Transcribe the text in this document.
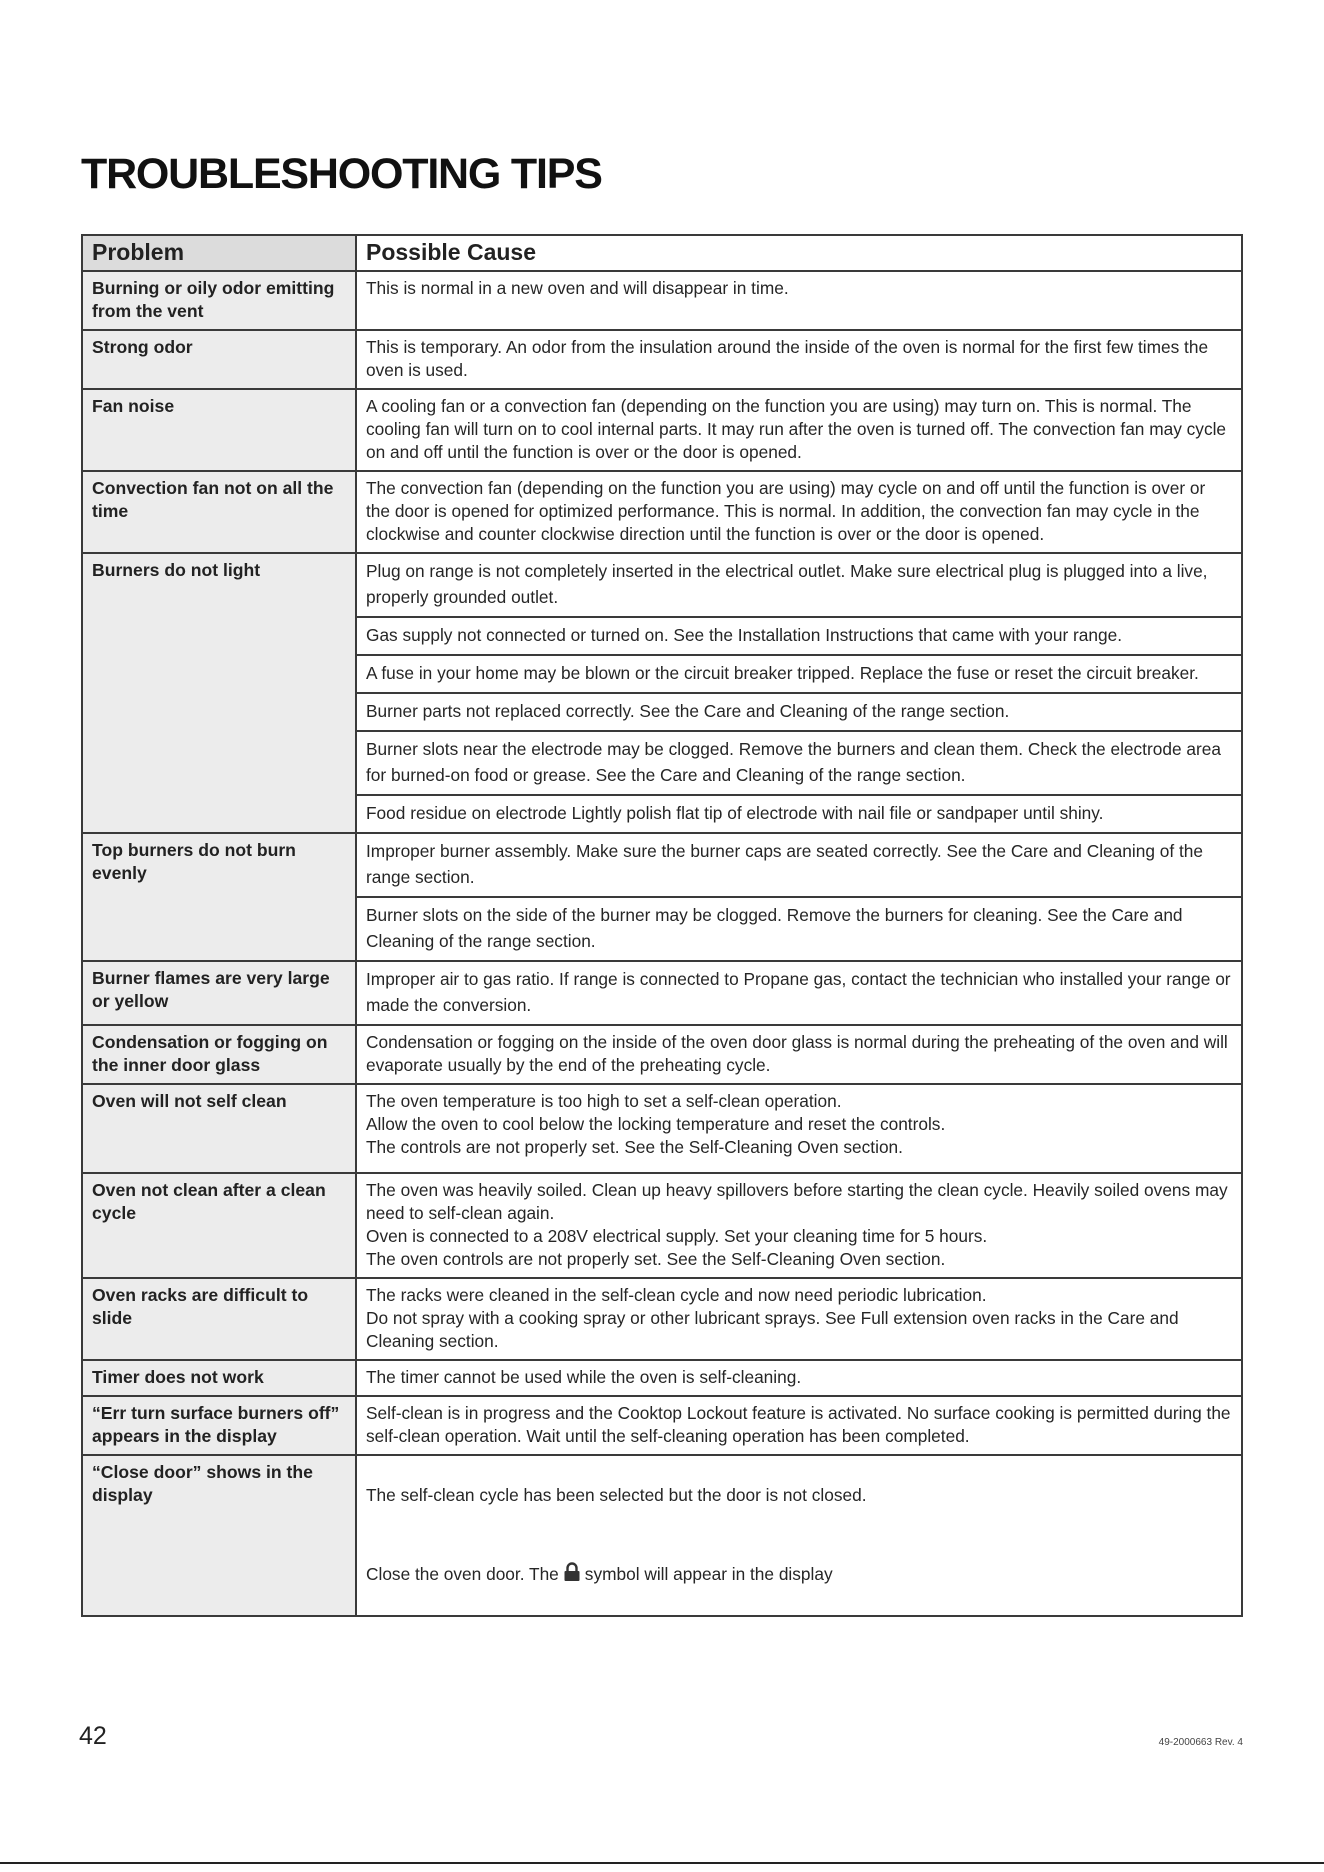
TROUBLESHOOTING TIPS
Problem	Possible Cause

Burning or oily odor emitting from the vent	This is normal in a new oven and will disappear in time.

Strong odor	This is temporary. An odor from the insulation around the inside of the oven is normal for the first few times the oven is used.

Fan noise	A cooling fan or a convection fan (depending on the function you are using) may turn on. This is normal. The cooling fan will turn on to cool internal parts. It may run after the oven is turned off. The convection fan may cycle on and off until the function is over or the door is opened.

Convection fan not on all the time	The convection fan (depending on the function you are using) may cycle on and off until the function is over or the door is opened for optimized performance. This is normal. In addition, the convection fan may cycle in the clockwise and counter clockwise direction until the function is over or the door is opened.

Burners do not light	Plug on range is not completely inserted in the electrical outlet. Make sure electrical plug is plugged into a live, properly grounded outlet.

	Gas supply not connected or turned on. See the Installation Instructions that came with your range.

	A fuse in your home may be blown or the circuit breaker tripped. Replace the fuse or reset the circuit breaker.

	Burner parts not replaced correctly. See the Care and Cleaning of the range section.

	Burner slots near the electrode may be clogged. Remove the burners and clean them. Check the electrode area for burned-on food or grease. See the Care and Cleaning of the range section.

	Food residue on electrode Lightly polish flat tip of electrode with nail file or sandpaper until shiny.

Top burners do not burn evenly	Improper burner assembly. Make sure the burner caps are seated correctly. See the Care and Cleaning of the range section.

	Burner slots on the side of the burner may be clogged. Remove the burners for cleaning. See the Care and Cleaning of the range section.

Burner flames are very large or yellow	Improper air to gas ratio. If range is connected to Propane gas, contact the technician who installed your range or made the conversion.

Condensation or fogging on the inner door glass	Condensation or fogging on the inside of the oven door glass is normal during the preheating of the oven and will evaporate usually by the end of the preheating cycle.

Oven will not self clean	The oven temperature is too high to set a self-clean operation.
Allow the oven to cool below the locking temperature and reset the controls.
The controls are not properly set. See the Self-Cleaning Oven section.

Oven not clean after a clean cycle	The oven was heavily soiled. Clean up heavy spillovers before starting the clean cycle. Heavily soiled ovens may need to self-clean again.
Oven is connected to a 208V electrical supply. Set your cleaning time for 5 hours.
The oven controls are not properly set. See the Self-Cleaning Oven section.

Oven racks are difficult to slide	The racks were cleaned in the self-clean cycle and now need periodic lubrication.
Do not spray with a cooking spray or other lubricant sprays. See Full extension oven racks in the Care and Cleaning section.

Timer does not work	The timer cannot be used while the oven is self-cleaning.

“Err turn surface burners off” appears in the display	Self-clean is in progress and the Cooktop Lockout feature is activated. No surface cooking is permitted during the self-clean operation. Wait until the self-cleaning operation has been completed.

“Close door” shows in the display	The self-clean cycle has been selected but the door is not closed.

Close the oven door. The symbol will appear in the display

42	49-2000663 Rev. 4
